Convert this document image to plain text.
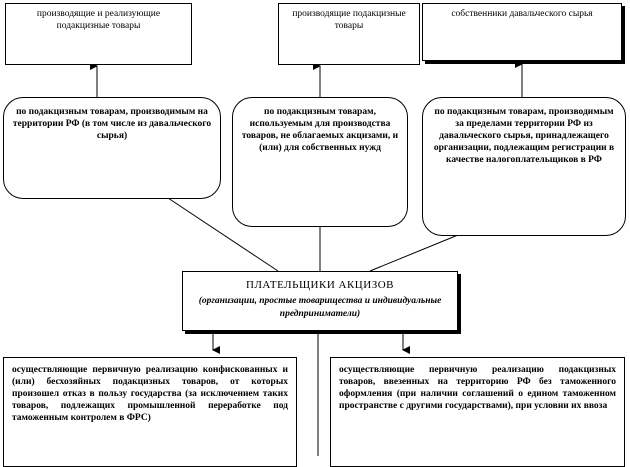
производящие и реализующие подакцизные товары
производящие подакцизные товары
собственники давальческого сырья
по подакцизным товарам, производимым на территории РФ (в том числе из давальческого сырья)
по подакцизным товарам, используемым для производства товаров, не облагаемых акцизами, и (или) для собственных нужд
по подакцизным товарам, производимым за пределами территории РФ из давальческого сырья, принадлежащего организации, подлежащим регистрации в качестве налогоплательщиков в РФ
ПЛАТЕЛЬЩИКИ АКЦИЗОВ
(организации, простые товарищества и индивидуальные предприниматели)
осуществляющие первичную реализацию конфискованных и (или) бесхозяйных подакцизных товаров, от которых произошел отказ в пользу государства (за исключением таких товаров, подлежащих промышленной переработке под таможенным контролем в ФРС)
осуществляющие первичную реализацию подакцизных товаров, ввезенных на территорию РФ без таможенного оформления (при наличии соглашений о едином таможенном пространстве с другими государствами), при условии их ввоза
